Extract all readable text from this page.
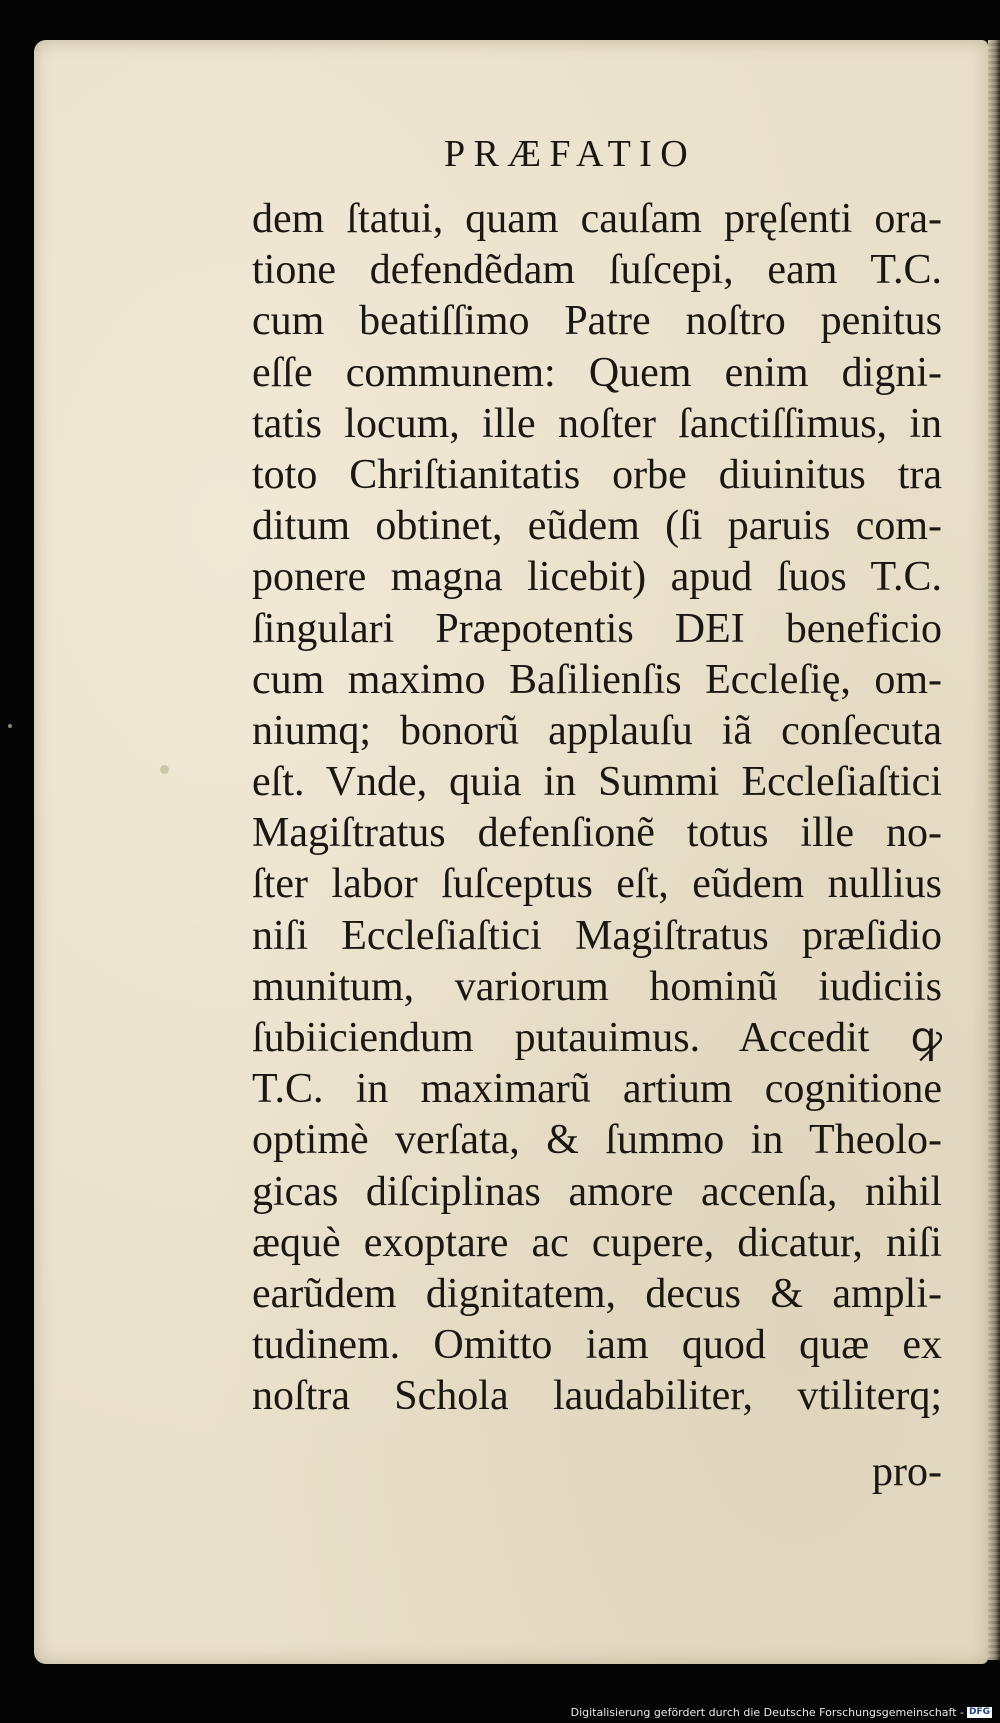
PRÆFATIO
dem ſtatui, quam cauſam pręſenti ora-
tione defendẽdam ſuſcepi, eam T.C.
cum beatiſſimo Patre noſtro penitus
eſſe communem: Quem enim digni-
tatis locum, ille noſter ſanctiſſimus, in
toto Chriſtianitatis orbe diuinitus tra
ditum obtinet, eũdem (ſi paruis com-
ponere magna licebit) apud ſuos T.C.
ſingulari Præpotentis DEI beneficio
cum maximo Baſilienſis Eccleſię, om-
niumq; bonorũ applauſu iã conſecuta
eſt. Vnde, quia in Summi Eccleſiaſtici
Magiſtratus defenſionẽ totus ille no-
ſter labor ſuſceptus eſt, eũdem nullius
niſi Eccleſiaſtici Magiſtratus præſidio
munitum, variorum hominũ iudiciis
ſubiiciendum putauimus. Accedit ꝙ
T.C. in maximarũ artium cognitione
optimè verſata, & ſummo in Theolo-
gicas diſciplinas amore accenſa, nihil
æquè exoptare ac cupere, dicatur, niſi
earũdem dignitatem, decus & ampli-
tudinem. Omitto iam quod quæ ex
noſtra Schola laudabiliter, vtiliterq;
pro-
Digitalisierung gefördert durch die Deutsche Forschungsgemeinschaft - DFG
